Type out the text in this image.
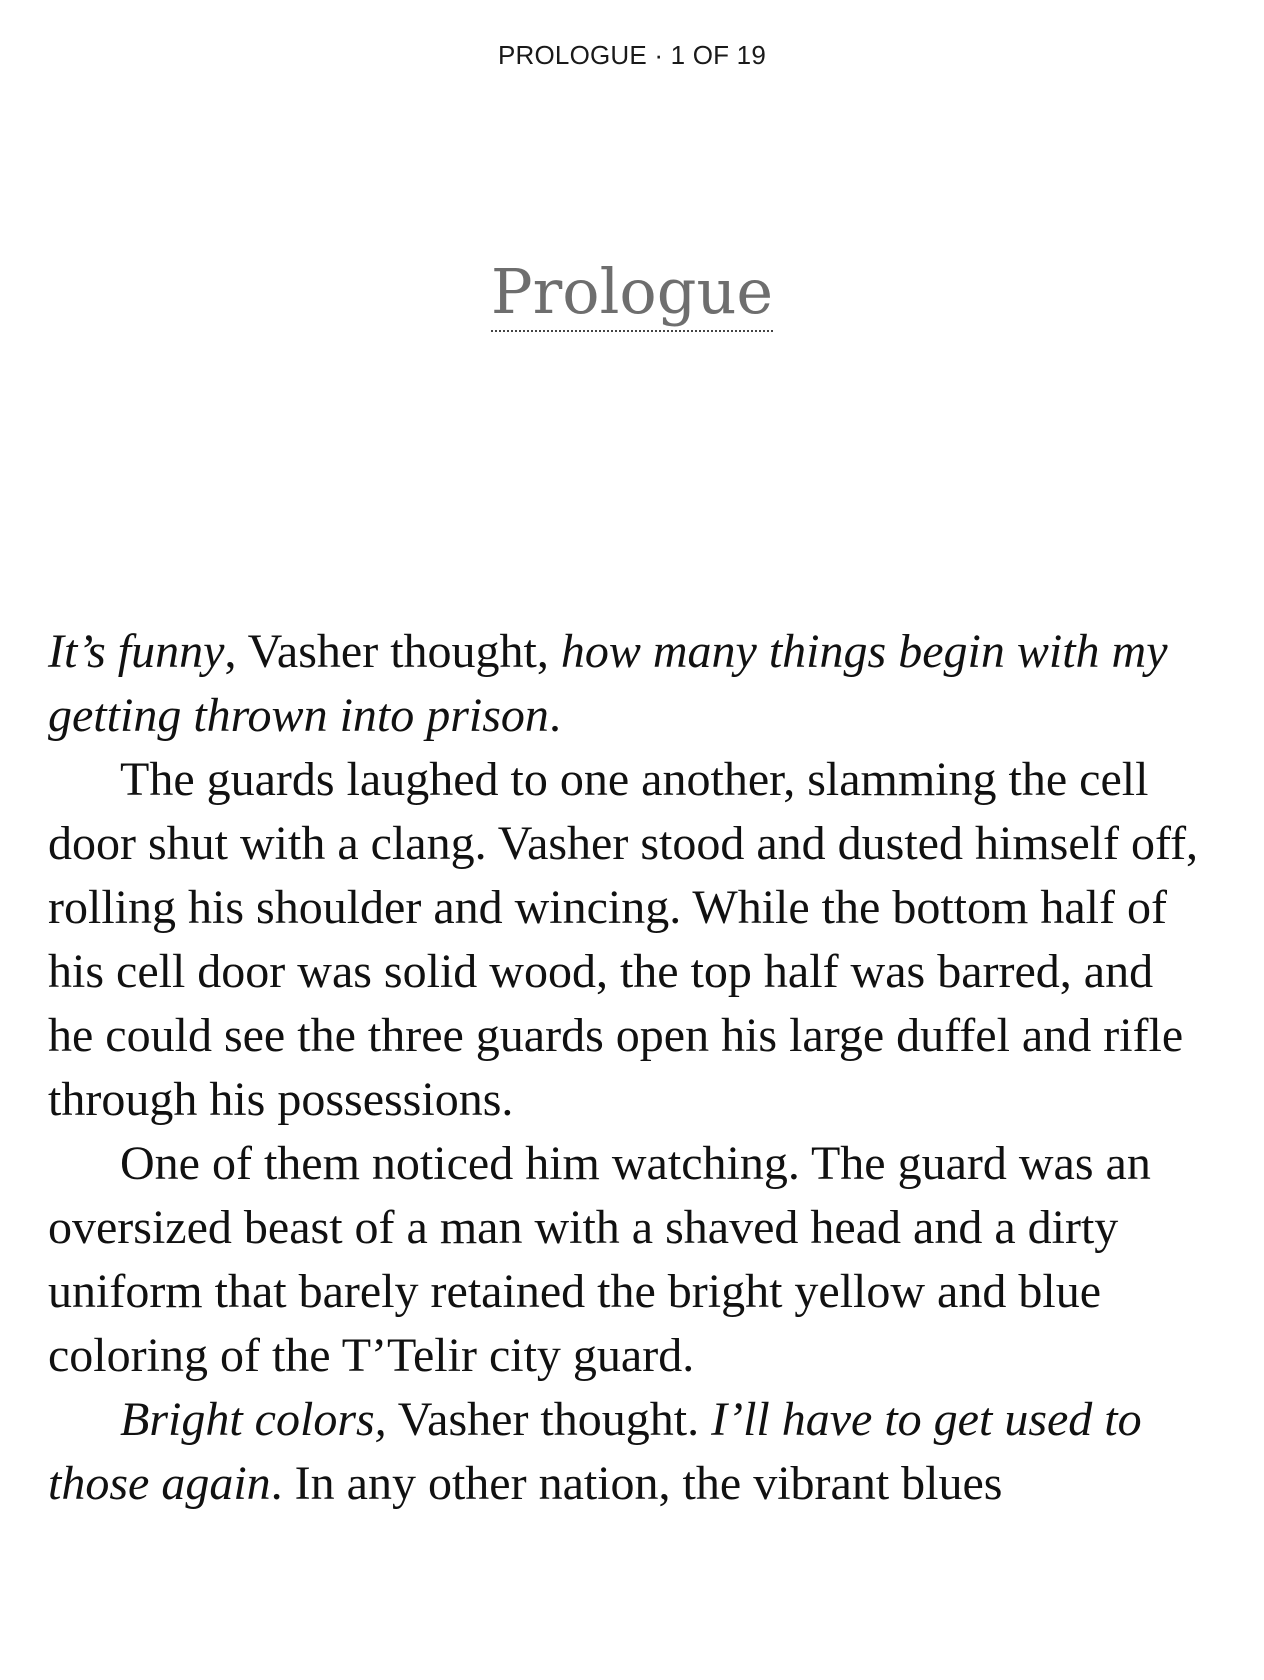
PROLOGUE · 1 OF 19
Prologue

It’s funny, Vasher thought, how many things begin with my getting thrown into prison.

The guards laughed to one another, slamming the cell door shut with a clang. Vasher stood and dusted himself off, rolling his shoulder and wincing. While the bottom half of his cell door was solid wood, the top half was barred, and he could see the three guards open his large duffel and rifle through his possessions.

One of them noticed him watching. The guard was an oversized beast of a man with a shaved head and a dirty uniform that barely retained the bright yellow and blue coloring of the T’Telir city guard.

Bright colors, Vasher thought. I’ll have to get used to those again. In any other nation, the vibrant blues
